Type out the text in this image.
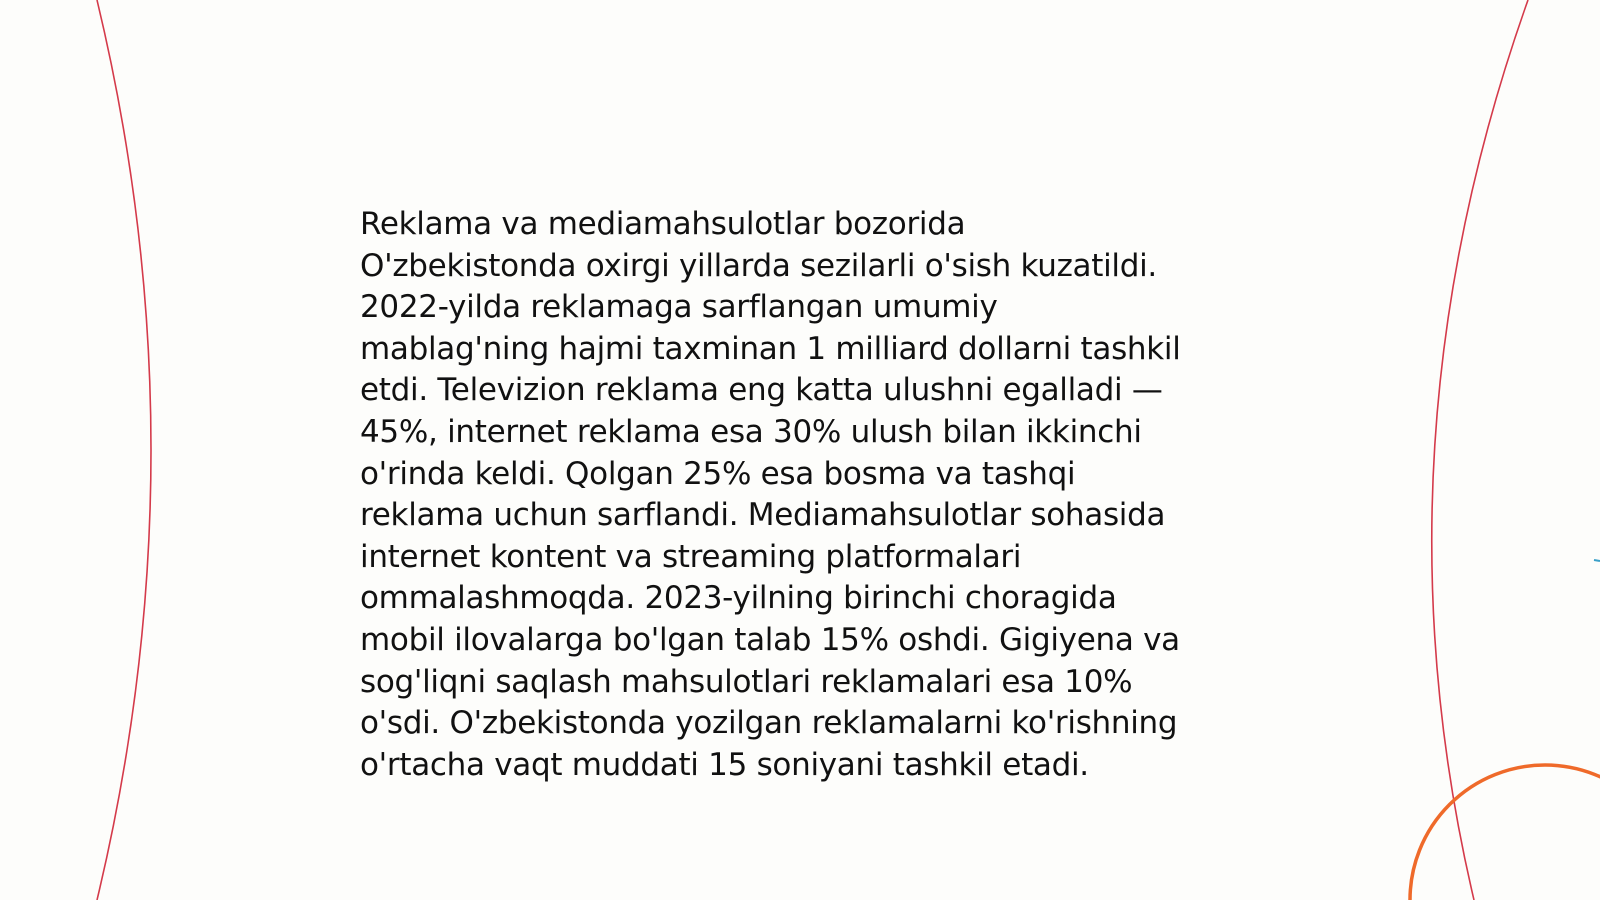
Reklama va mediamahsulotlar bozorida
O'zbekistonda oxirgi yillarda sezilarli o'sish kuzatildi.
2022-yilda reklamaga sarflangan umumiy
mablag'ning hajmi taxminan 1 milliard dollarni tashkil
etdi. Televizion reklama eng katta ulushni egalladi —
45%, internet reklama esa 30% ulush bilan ikkinchi
o'rinda keldi. Qolgan 25% esa bosma va tashqi
reklama uchun sarflandi. Mediamahsulotlar sohasida
internet kontent va streaming platformalari
ommalashmoqda. 2023-yilning birinchi choragida
mobil ilovalarga bo'lgan talab 15% oshdi. Gigiyena va
sog'liqni saqlash mahsulotlari reklamalari esa 10%
o'sdi. O'zbekistonda yozilgan reklamalarni ko'rishning
o'rtacha vaqt muddati 15 soniyani tashkil etadi.
